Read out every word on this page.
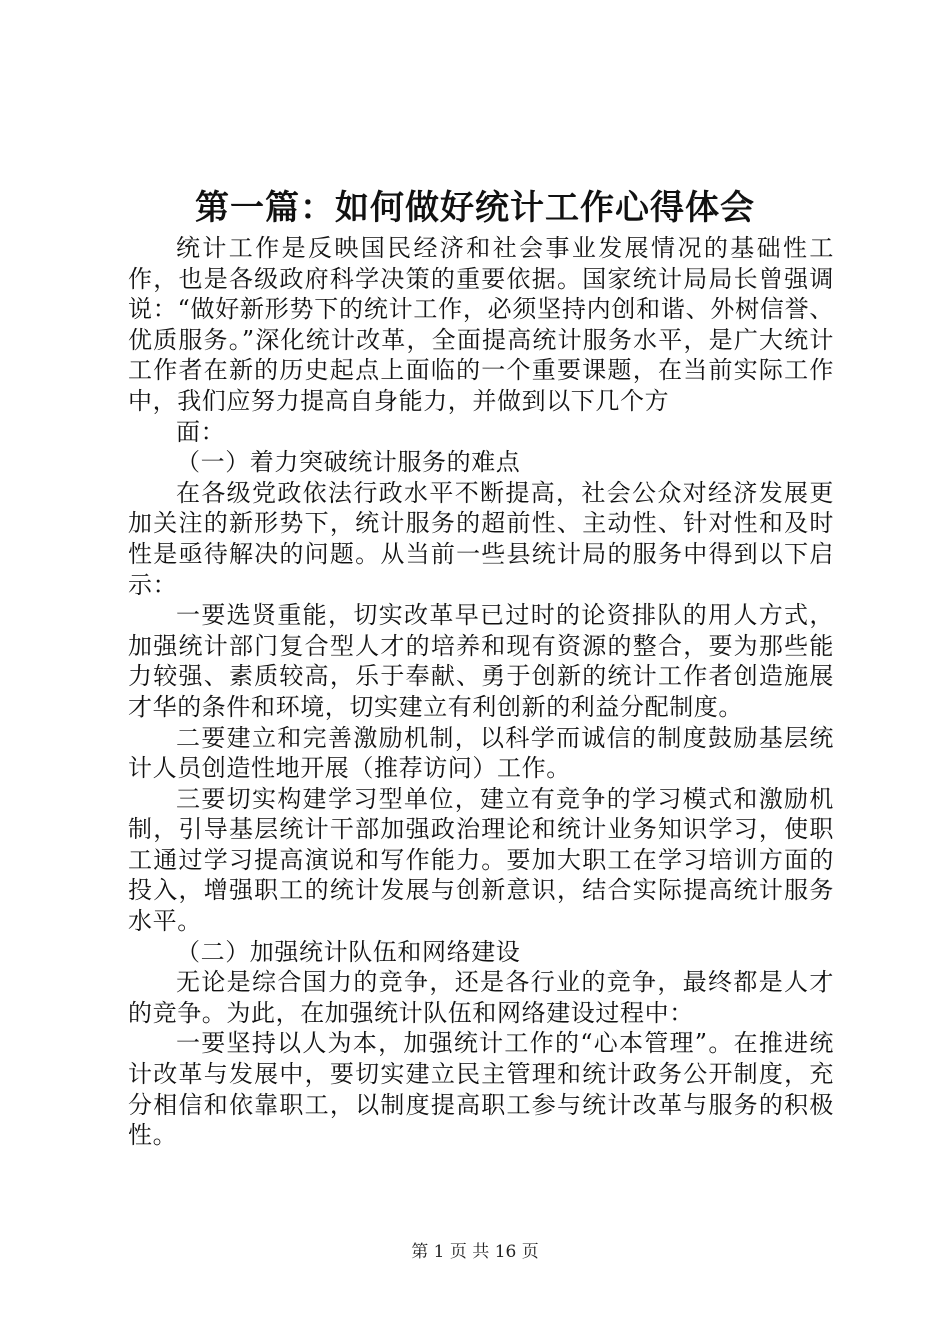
第一篇：如何做好统计工作心得体会

统计工作是反映国民经济和社会事业发展情况的基础性工作，也是各级政府科学决策的重要依据。国家统计局局长曾强调说：“做好新形势下的统计工作，必须坚持内创和谐、外树信誉、优质服务。”深化统计改革，全面提高统计服务水平，是广大统计工作者在新的历史起点上面临的一个重要课题，在当前实际工作中，我们应努力提高自身能力，并做到以下几个方

面：

（一）着力突破统计服务的难点

在各级党政依法行政水平不断提高，社会公众对经济发展更加关注的新形势下，统计服务的超前性、主动性、针对性和及时性是亟待解决的问题。从当前一些县统计局的服务中得到以下启示：

一要选贤重能，切实改革早已过时的论资排队的用人方式，加强统计部门复合型人才的培养和现有资源的整合，要为那些能力较强、素质较高，乐于奉献、勇于创新的统计工作者创造施展才华的条件和环境，切实建立有利创新的利益分配制度。

二要建立和完善激励机制，以科学而诚信的制度鼓励基层统计人员创造性地开展（推荐访问）工作。

三要切实构建学习型单位，建立有竞争的学习模式和激励机制，引导基层统计干部加强政治理论和统计业务知识学习，使职工通过学习提高演说和写作能力。要加大职工在学习培训方面的投入，增强职工的统计发展与创新意识，结合实际提高统计服务水平。

（二）加强统计队伍和网络建设

无论是综合国力的竞争，还是各行业的竞争，最终都是人才的竞争。为此，在加强统计队伍和网络建设过程中：

一要坚持以人为本，加强统计工作的“心本管理”。在推进统计改革与发展中，要切实建立民主管理和统计政务公开制度，充分相信和依靠职工，以制度提高职工参与统计改革与服务的积极性。

第 1 页 共 16 页
